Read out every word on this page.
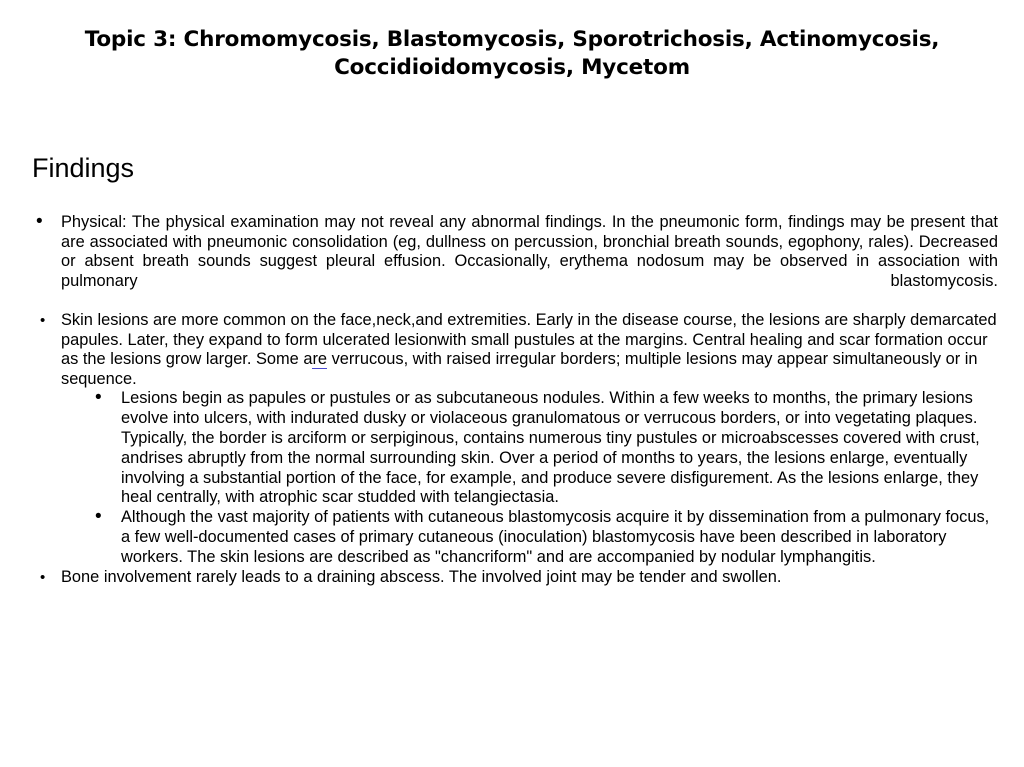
Topic 3: Chromomycosis, Blastomycosis, Sporotrichosis, Actinomycosis,
Coccidioidomycosis, Mycetom
Findings
• Physical: The physical examination may not reveal any abnormal findings. In the pneumonic form, findings may be present that are associated with pneumonic consolidation (eg, dullness on percussion, bronchial breath sounds, egophony, rales). Decreased or absent breath sounds suggest pleural effusion. Occasionally, erythema nodosum may be observed in association with pulmonary blastomycosis.
• Skin lesions are more common on the face,neck,and extremities. Early in the disease course, the lesions are sharply demarcated papules. Later, they expand to form ulcerated lesionwith small pustules at the margins. Central healing and scar formation occur as the lesions grow larger. Some are verrucous, with raised irregular borders; multiple lesions may appear simultaneously or in sequence.
• Lesions begin as papules or pustules or as subcutaneous nodules. Within a few weeks to months, the primary lesions evolve into ulcers, with indurated dusky or violaceous granulomatous or verrucous borders, or into vegetating plaques. Typically, the border is arciform or serpiginous, contains numerous tiny pustules or microabscesses covered with crust, andrises abruptly from the normal surrounding skin. Over a period of months to years, the lesions enlarge, eventually involving a substantial portion of the face, for example, and produce severe disfigurement. As the lesions enlarge, they heal centrally, with atrophic scar studded with telangiectasia.
• Although the vast majority of patients with cutaneous blastomycosis acquire it by dissemination from a pulmonary focus, a few well-documented cases of primary cutaneous (inoculation) blastomycosis have been described in laboratory workers. The skin lesions are described as "chancriform" and are accompanied by nodular lymphangitis.
• Bone involvement rarely leads to a draining abscess. The involved joint may be tender and swollen.
